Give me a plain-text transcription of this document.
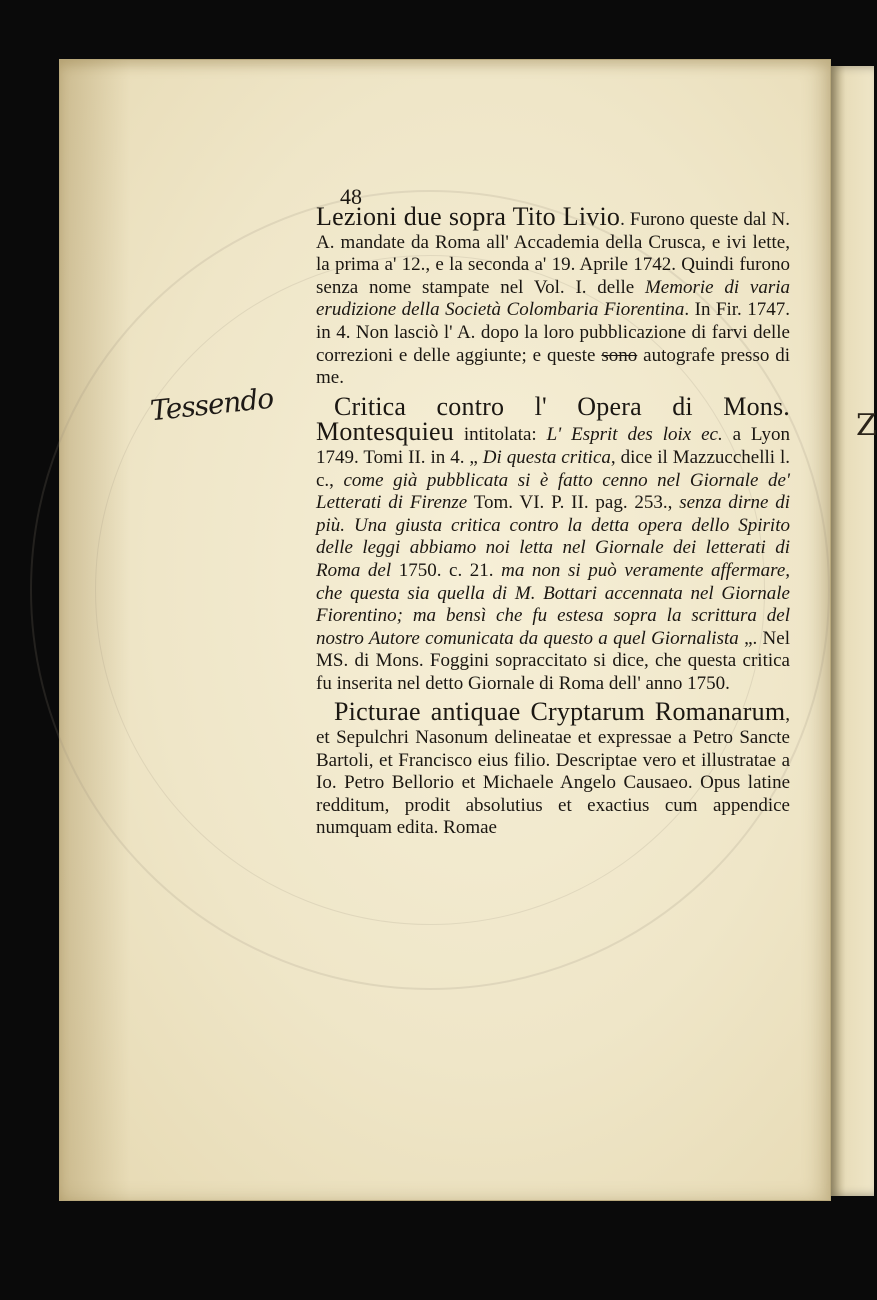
Z
Tessendo
48

Lezioni due sopra Tito Livio. Furono queste dal N. A. mandate da Roma all' Accademia della Crusca, e ivi lette, la prima a' 12., e la seconda a' 19. Aprile 1742. Quindi furono senza nome stampate nel Vol. I. delle Memorie di varia erudizione della Società Colombaria Fiorentina. In Fir. 1747. in 4. Non lasciò l' A. dopo la loro pubblicazione di farvi delle correzioni e delle aggiunte; e queste sono autografe presso di me.

Critica contro l' Opera di Mons. Montesquieu intitolata: L' Esprit des loix ec. a Lyon 1749. Tomi II. in 4. „ Di questa critica, dice il Mazzucchelli l. c., come già pubblicata si è fatto cenno nel Giornale de' Letterati di Firenze Tom. VI. P. II. pag. 253., senza dirne di più. Una giusta critica contro la detta opera dello Spirito delle leggi abbiamo noi letta nel Giornale dei letterati di Roma del 1750. c. 21. ma non si può veramente affermare, che questa sia quella di M. Bottari accennata nel Giornale Fiorentino; ma bensì che fu estesa sopra la scrittura del nostro Autore comunicata da questo a quel Giornalista „. Nel MS. di Mons. Foggini sopraccitato si dice, che questa critica fu inserita nel detto Giornale di Roma dell' anno 1750.

Picturae antiquae Cryptarum Romanarum, et Sepulchri Nasonum delineatae et expressae a Petro Sancte Bartoli, et Francisco eius filio. Descriptae vero et illustratae a Io. Petro Bellorio et Michaele Angelo Causaeo. Opus latine redditum, prodit absolutius et exactius cum appendice numquam edita. Romae
